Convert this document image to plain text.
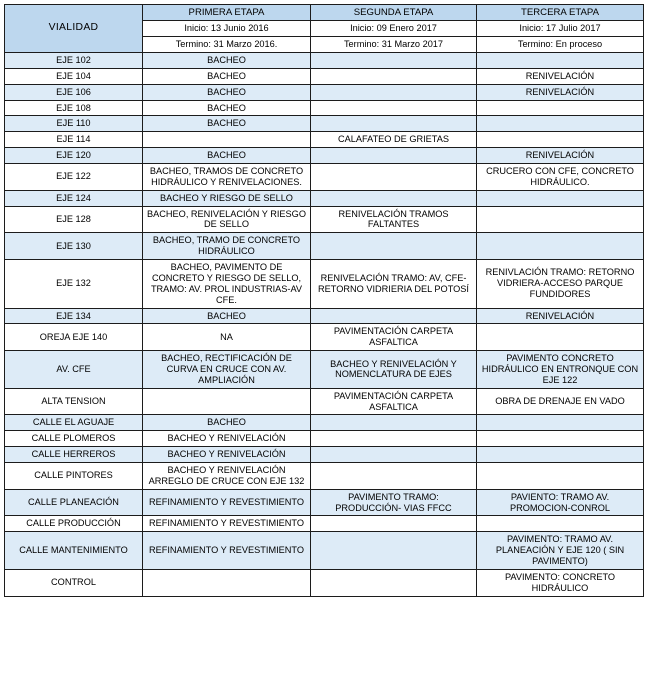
VIALIDAD	PRIMERA ETAPA	SEGUNDA ETAPA	TERCERA ETAPA
	Inicio: 13 Junio 2016	Inicio: 09 Enero 2017	Inicio: 17 Julio 2017
	Termino: 31 Marzo 2016.	Termino: 31 Marzo 2017	Termino: En proceso
EJE 102	BACHEO		
EJE 104	BACHEO		RENIVELACIÓN
EJE 106	BACHEO		RENIVELACIÓN
EJE 108	BACHEO		
EJE 110	BACHEO		
EJE 114		CALAFATEO DE GRIETAS	
EJE 120	BACHEO		RENIVELACIÓN
EJE 122	BACHEO, TRAMOS DE CONCRETO HIDRÁULICO Y RENIVELACIONES.		CRUCERO CON CFE, CONCRETO HIDRÁULICO.
EJE 124	BACHEO Y RIESGO DE SELLO		
EJE 128	BACHEO, RENIVELACIÓN Y RIESGO DE SELLO	RENIVELACIÓN TRAMOS FALTANTES	
EJE 130	BACHEO, TRAMO DE CONCRETO HIDRÁULICO		
EJE 132	BACHEO, PAVIMENTO DE CONCRETO Y RIESGO DE SELLO, TRAMO: AV. PROL INDUSTRIAS-AV CFE.	RENIVELACIÓN TRAMO: AV, CFE-RETORNO VIDRIERIA DEL POTOSÍ	RENIVLACIÓN TRAMO: RETORNO VIDRIERA-ACCESO PARQUE FUNDIDORES
EJE 134	BACHEO		RENIVELACIÓN
OREJA EJE 140	NA	PAVIMENTACIÓN CARPETA ASFALTICA	
AV. CFE	BACHEO, RECTIFICACIÓN DE CURVA EN CRUCE CON AV. AMPLIACIÓN	BACHEO Y RENIVELACIÓN Y NOMENCLATURA DE EJES	PAVIMENTO CONCRETO HIDRÁULICO EN ENTRONQUE CON EJE 122
ALTA TENSION		PAVIMENTACIÓN CARPETA ASFALTICA	OBRA DE DRENAJE EN VADO
CALLE EL AGUAJE	BACHEO		
CALLE PLOMEROS	BACHEO Y RENIVELACIÓN		
CALLE HERREROS	BACHEO Y RENIVELACIÓN		
CALLE PINTORES	BACHEO Y RENIVELACIÓN ARREGLO DE CRUCE CON EJE 132		
CALLE PLANEACIÓN	REFINAMIENTO Y REVESTIMIENTO	PAVIMENTO TRAMO: PRODUCCIÓN- VIAS FFCC	PAVIENTO: TRAMO AV. PROMOCION-CONROL
CALLE PRODUCCIÓN	REFINAMIENTO Y REVESTIMIENTO		
CALLE MANTENIMIENTO	REFINAMIENTO Y REVESTIMIENTO		PAVIMENTO: TRAMO AV. PLANEACIÓN Y EJE 120 ( SIN PAVIMENTO)
CONTROL			PAVIMENTO: CONCRETO HIDRÁULICO
